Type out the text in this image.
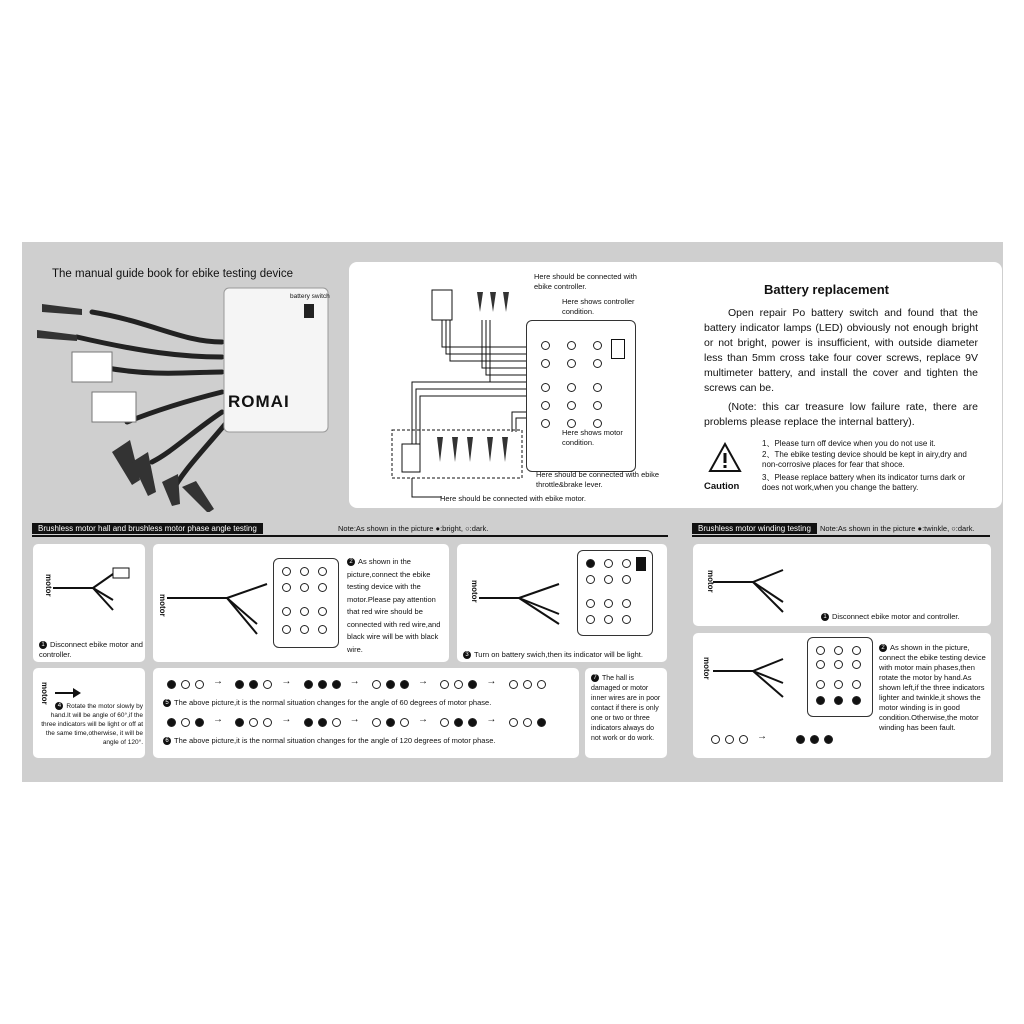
The manual guide book for ebike testing device
ROMAI
battery switch
Here should be connected with ebike controller.
Here shows controller condition.
Here shows motor condition.
Here should be connected with ebike throttle&brake lever.
Here should be connected with ebike motor.
Battery replacement
Open repair Po battery switch and found that the battery indicator lamps (LED) obviously not enough bright or not bright, power is insufficient, with outside diameter less than 5mm cross take four cover screws, replace 9V multimeter battery, and install the cover and tighten the screws can be.
(Note: this car treasure low failure rate, there are problems please replace the internal battery).
Caution
1、Please turn off device when you do not use it.
2、The ebike testing device should be kept in airy,dry and non-corrosive places for fear that shoce.
3、Please replace battery when its indicator turns dark or does not work,when you change the battery.
Brushless motor hall and brushless motor phase angle testing	Note:As shown in the picture ●:bright, ○:dark.
motor
1 Disconnect ebike motor and controller.
motor
2 As shown in the picture,connect the ebike testing device with the motor.Please pay attention that red wire should be connected with red wire,and black wire will be with black wire.
motor
3 Turn on battery swich,then its indicator will be light.
motor
4 Rotate the motor slowly by hand.It will be angle of 60°,if the three indicators will be light or off at the same time,otherwise, it will be angle of 120°.
→	→	→	→	→
5 The above picture,it is the normal situation changes for the angle of 60 degrees of motor phase.
→	→	→	→	→
6 The above picture,it is the normal situation changes for the angle of 120 degrees of motor phase.
7 The hall is damaged or motor inner wires are in poor contact if there is only one or two or three indicators always do not work or do work.
Brushless motor winding testing	Note:As shown in the picture ●:twinkle, ○:dark.
motor
1 Disconnect ebike motor and controller.
motor
→
2 As shown in the picture, connect the ebike testing device with motor main phases,then rotate the motor by hand.As shown left,if the three indicators lighter and twinkle,it shows the motor winding is in good condition.Otherwise,the motor winding has been fault.
